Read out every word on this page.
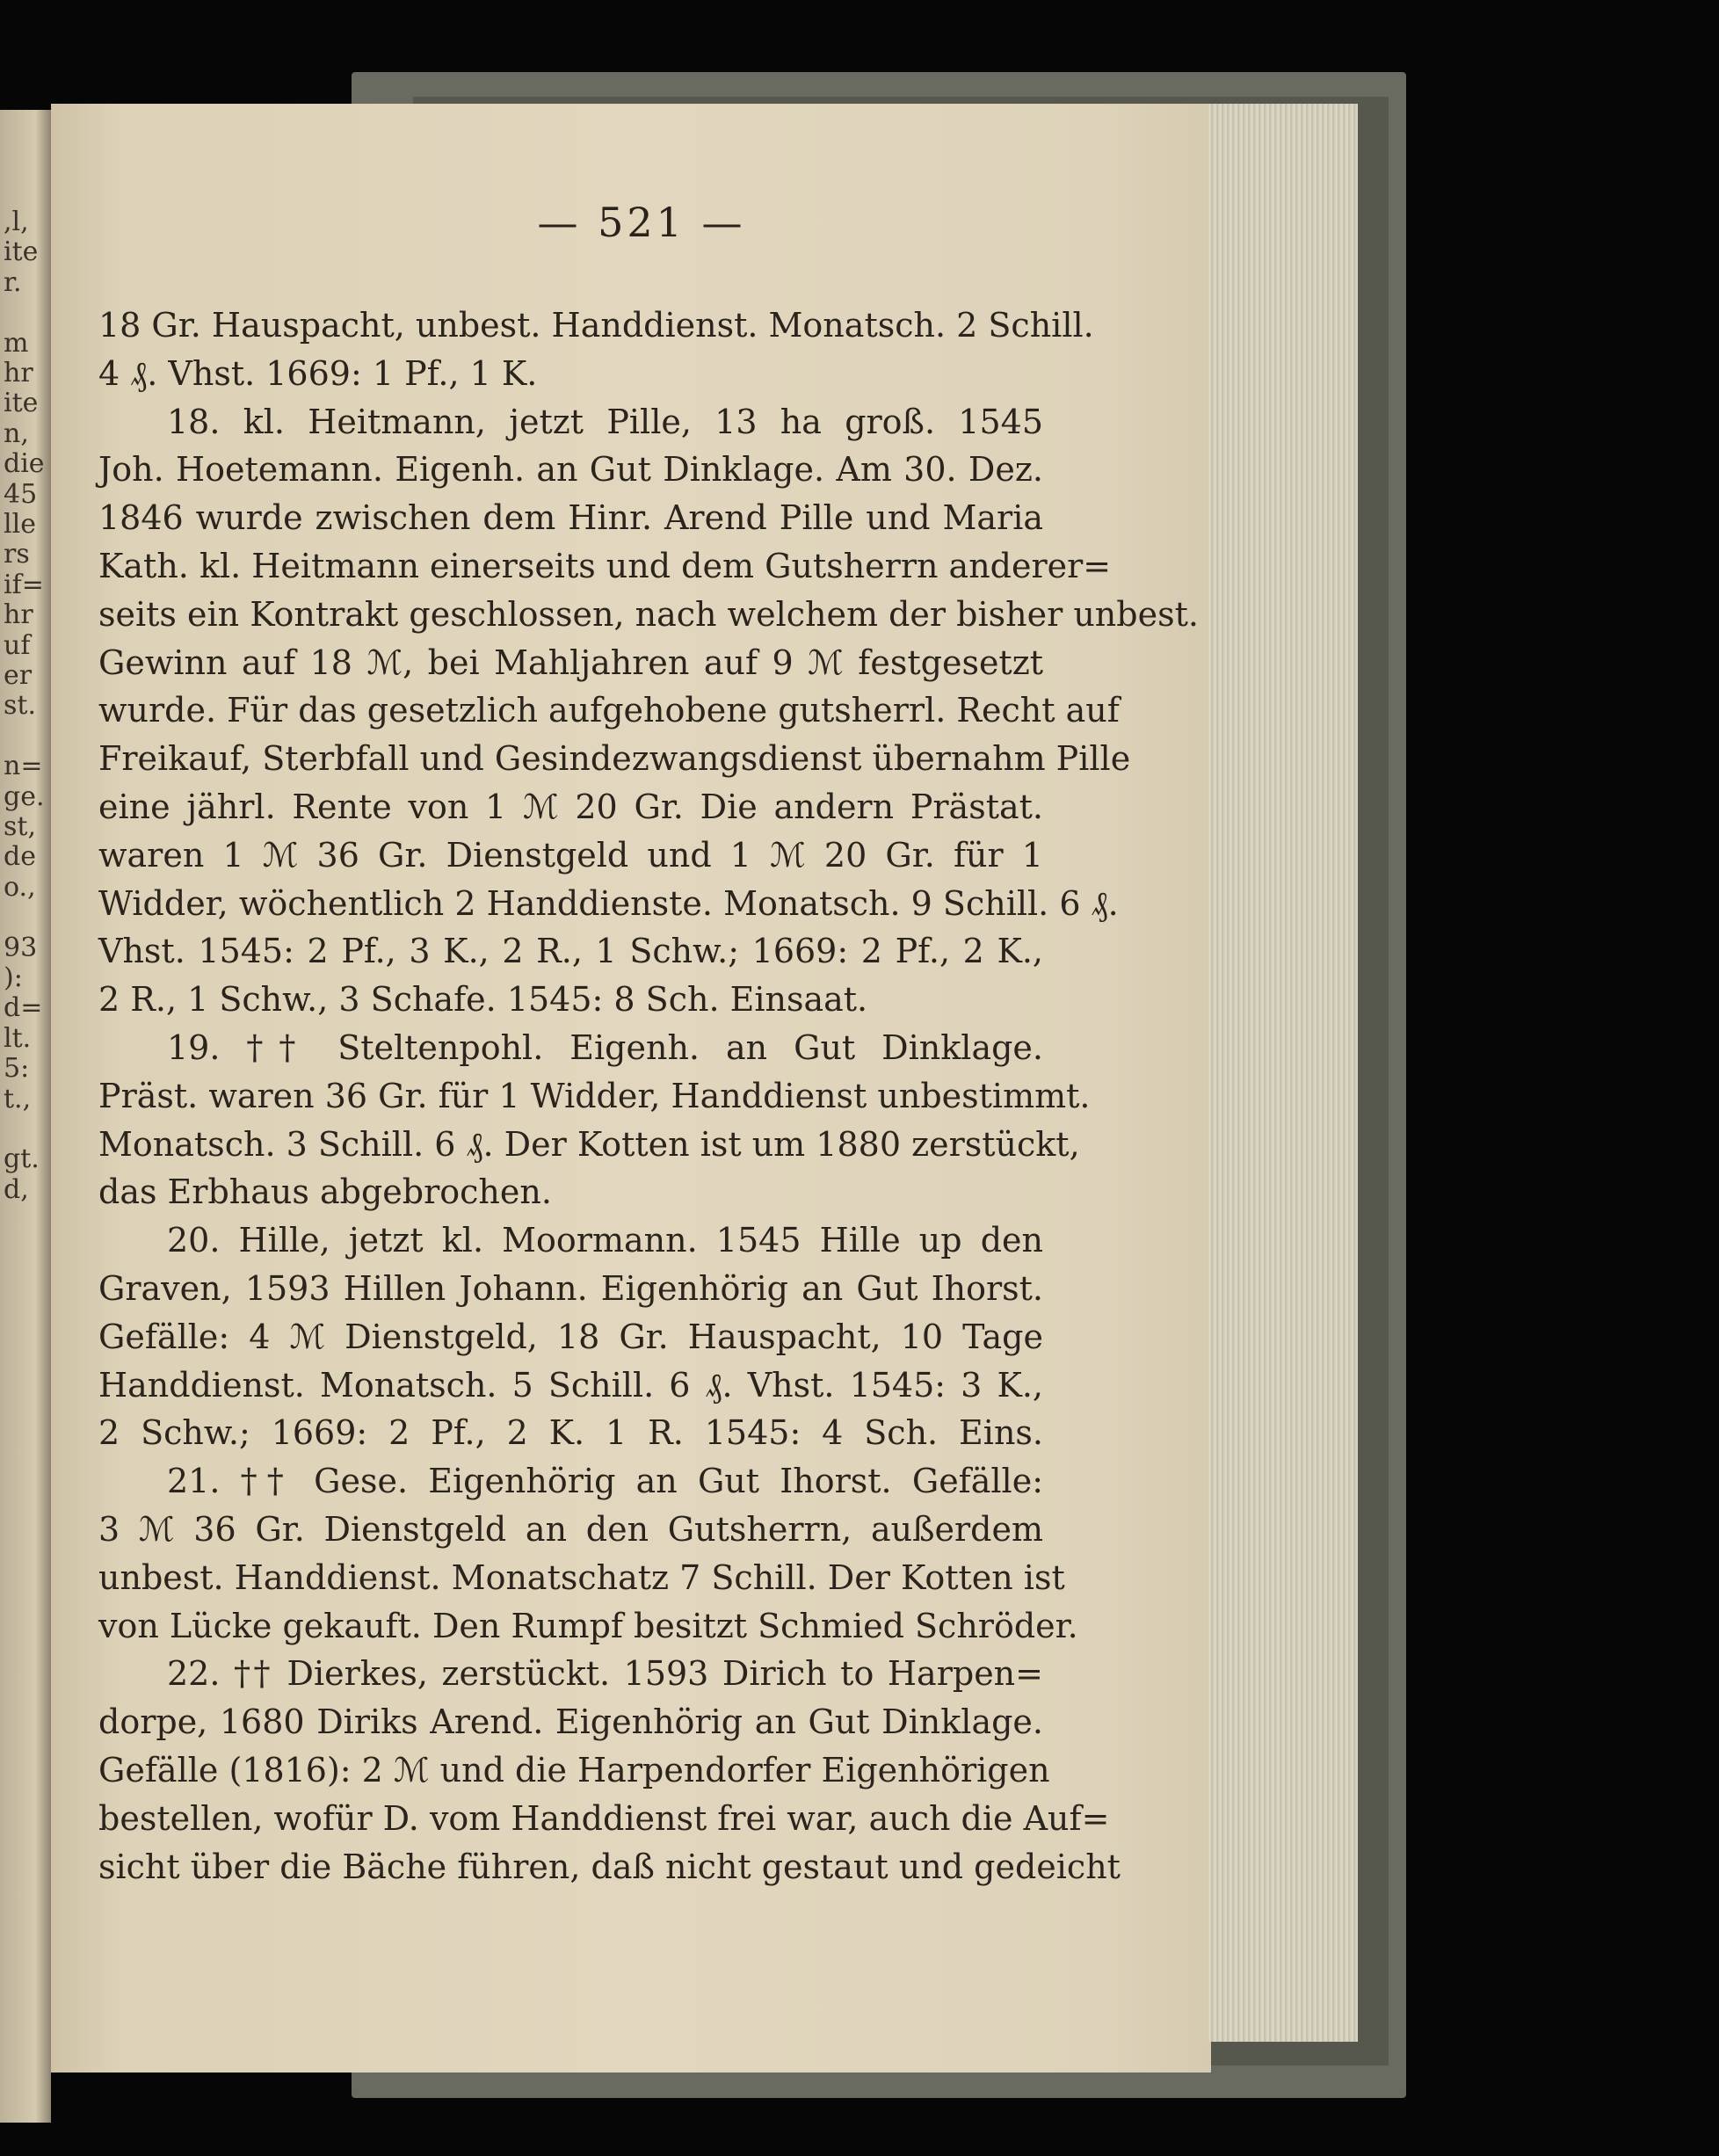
,l,
ite
r.
m
hr
ite
n,
die
45
lle
rs
if=
hr
uf
er
st.
n=
ge.
st,
de
o.,
93
):
d=
lt.
5:
t.,
gt.
d,
— 521 —
18 Gr. Hauspacht, unbest. Handdienst. Monatsch. 2 Schill.
4 ₰. Vhst. 1669: 1 Pf., 1 K.
18. kl. Heitmann, jetzt Pille, 13 ha groß. 1545
Joh. Hoetemann. Eigenh. an Gut Dinklage. Am 30. Dez.
1846 wurde zwischen dem Hinr. Arend Pille und Maria
Kath. kl. Heitmann einerseits und dem Gutsherrn anderer=
seits ein Kontrakt geschlossen, nach welchem der bisher unbest.
Gewinn auf 18 ℳ, bei Mahljahren auf 9 ℳ festgesetzt
wurde. Für das gesetzlich aufgehobene gutsherrl. Recht auf
Freikauf, Sterbfall und Gesindezwangsdienst übernahm Pille
eine jährl. Rente von 1 ℳ 20 Gr. Die andern Prästat.
waren 1 ℳ 36 Gr. Dienstgeld und 1 ℳ 20 Gr. für 1
Widder, wöchentlich 2 Handdienste. Monatsch. 9 Schill. 6 ₰.
Vhst. 1545: 2 Pf., 3 K., 2 R., 1 Schw.; 1669: 2 Pf., 2 K.,
2 R., 1 Schw., 3 Schafe. 1545: 8 Sch. Einsaat.
19. †† Steltenpohl. Eigenh. an Gut Dinklage.
Präst. waren 36 Gr. für 1 Widder, Handdienst unbestimmt.
Monatsch. 3 Schill. 6 ₰. Der Kotten ist um 1880 zerstückt,
das Erbhaus abgebrochen.
20. Hille, jetzt kl. Moormann. 1545 Hille up den
Graven, 1593 Hillen Johann. Eigenhörig an Gut Ihorst.
Gefälle: 4 ℳ Dienstgeld, 18 Gr. Hauspacht, 10 Tage
Handdienst. Monatsch. 5 Schill. 6 ₰. Vhst. 1545: 3 K.,
2 Schw.; 1669: 2 Pf., 2 K. 1 R. 1545: 4 Sch. Eins.
21. †† Gese. Eigenhörig an Gut Ihorst. Gefälle:
3 ℳ 36 Gr. Dienstgeld an den Gutsherrn, außerdem
unbest. Handdienst. Monatschatz 7 Schill. Der Kotten ist
von Lücke gekauft. Den Rumpf besitzt Schmied Schröder.
22. †† Dierkes, zerstückt. 1593 Dirich to Harpen=
dorpe, 1680 Diriks Arend. Eigenhörig an Gut Dinklage.
Gefälle (1816): 2 ℳ und die Harpendorfer Eigenhörigen
bestellen, wofür D. vom Handdienst frei war, auch die Auf=
sicht über die Bäche führen, daß nicht gestaut und gedeicht
